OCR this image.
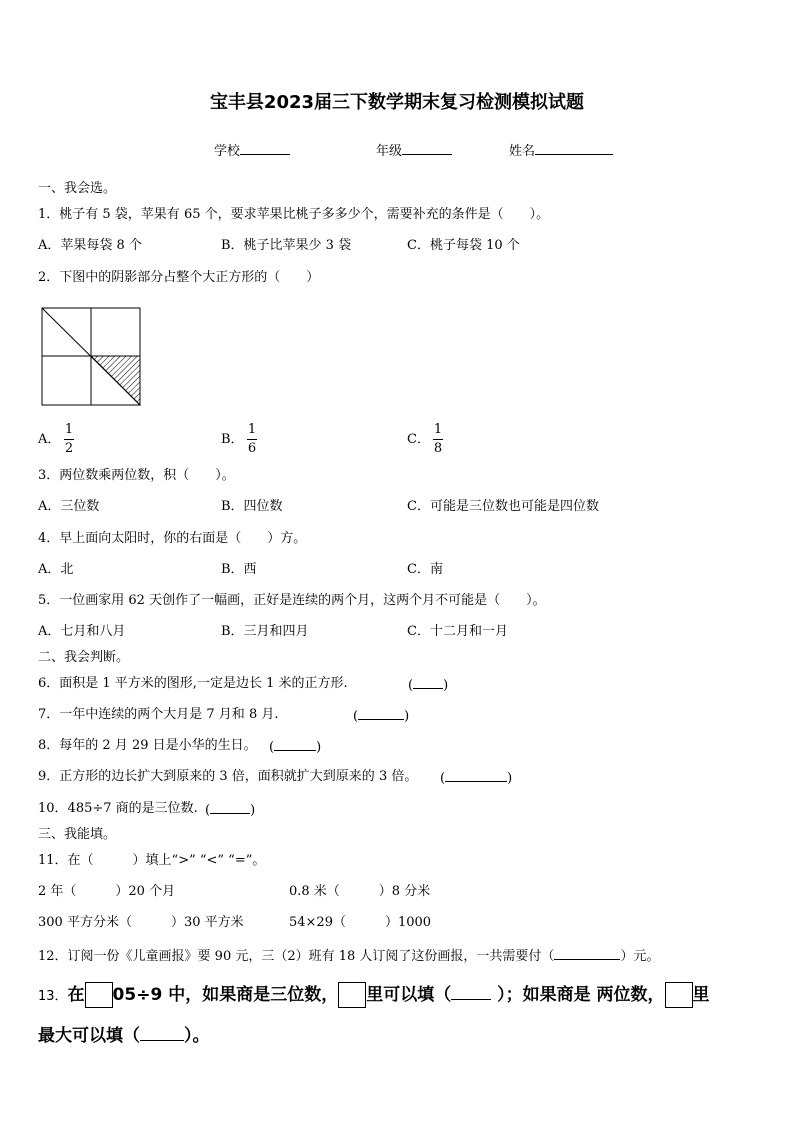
宝丰县2023届三下数学期末复习检测模拟试题
学校	年级	姓名
一、我会选。
1．桃子有 5 袋，苹果有 65 个，要求苹果比桃子多多少个，需要补充的条件是（　　）。
A．苹果每袋 8 个	B．桃子比苹果少 3 袋	C．桃子每袋 10 个
2．下图中的阴影部分占整个大正方形的（　　）
A．
1
2
B．
1
6
C．
1
8
3．两位数乘两位数，积（　　）。
A．三位数	B．四位数	C．可能是三位数也可能是四位数
4．早上面向太阳时，你的右面是（　　）方。
A．北	B．西	C．南
5．一位画家用 62 天创作了一幅画，正好是连续的两个月，这两个月不可能是（　　）。
A．七月和八月	B．三月和四月	C．十二月和一月
二、我会判断。
6．面积是 1 平方米的图形,一定是边长 1 米的正方形.	( )
7．一年中连续的两个大月是 7 月和 8 月.	(	)
8．每年的 2 月 29 日是小华的生日。 (	)
9．正方形的边长扩大到原来的 3 倍，面积就扩大到原来的 3 倍。 (	)
10．485÷7 商的是三位数. (	)
三、我能填。
11．在（　　　）填上“>” “<” “=”。
2 年（　　　）20 个月	0.8 米（　　　）8 分米
300 平方分米（　　　）30 平方米	54×29（　　　）1000
12．订阅一份《儿童画报》要 90 元，三（2）班有 18 人订阅了这份画报，一共需要付（	）元。
13．在 05÷9 中，如果商是三位数， 里可以填（	）；如果商是 两位数， 里
最大可以填（	）。
